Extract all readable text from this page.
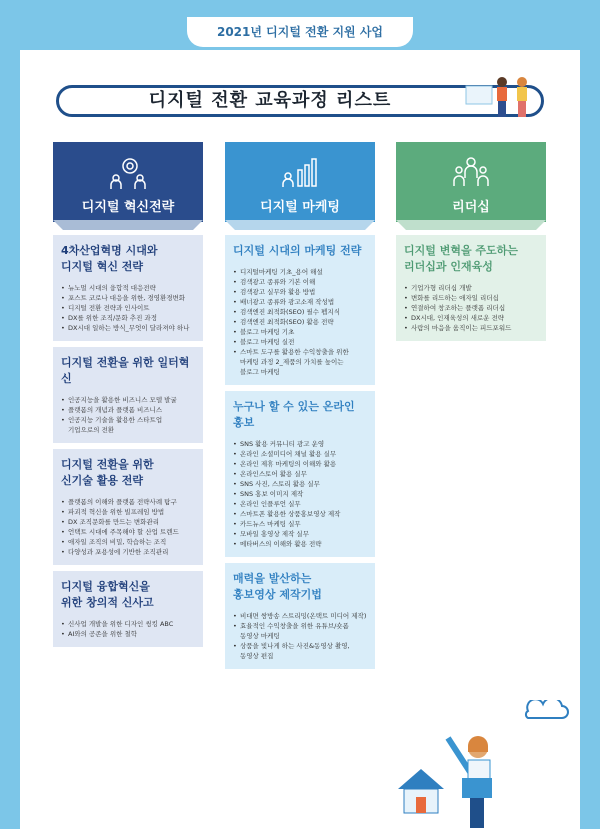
2021년 디지털 전환 지원 사업
디지털 전환 교육과정 리스트
디지털 혁신전략	디지털 마케팅	리더십
4차산업혁명 시대와
디지털 혁신 전략
• 뉴노멀 시대의 융합적 대응전략
• 포스트 코로나 대응을 위한, 경영환경변화
• 디지털 전환 전략과 인사이트
• DX를 위한 조직/문화 추진 과정
• DX시대 일하는 방식_무엇이 달라져야 하나
디지털 전환을 위한 일터혁신
• 인공지능을 활용한 비즈니스 모델 발굴
• 플랫폼의 개념과 플랫폼 비즈니스
• 인공지능 기술을 활용한 스타트업
기업으로의 전환
디지털 전환을 위한
신기술 활용 전략
• 플랫폼의 이해와 플랫폼 전략사례 탐구
• 파괴적 혁신을 위한 빌프레임 방법
• DX 조직문화를 만드는 변화관리
• 언택트 시대에 주목해야 할 산업 트렌드
• 애자일 조직의 비밀, 학습하는 조직
• 다양성과 포용성에 기반한 조직관리
디지털 융합혁신을
위한 창의적 신사고
• 신사업 개발을 위한 디자인 씽킹 ABC
• AI와의 공존을 위한 철학
디지털 시대의 마케팅 전략
• 디지털마케팅 기초_용어 해설
• 검색광고 종류와 기본 이해
• 검색광고 실무와 활용 방법
• 배너광고 종류와 광고소재 작성법
• 검색엔진 최적화(SEO) 필수 펩지식
• 검색엔진 최적화(SEO) 활용 전략
• 블로그 마케팅 기초
• 블로그 마케팅 실전
• 스마트 도구를 활용한 수익창출을 위한
마케팅 과정 2_제품의 가치를 높이는
블로그 마케팅
누구나 할 수 있는 온라인 홍보
• SNS 활용 커뮤니티 광고 운영
• 온라인 소셜미디어 채널 활용 실무
• 온라인 제휴 마케팅의 이해와 활용
• 온라인스토어 활용 실무
• SNS 사진, 스토리 활용 실무
• SNS 홍보 이미지 제작
• 온라인 인플루언 실무
• 스마트폰 활용한 상품홍보영상 제작
• 카드뉴스 마케팅 실무
• 모바일 홍영상 제작 실무
• 메타버스의 이해와 활용 전략
매력을 발산하는
홍보영상 제작기법
• 비대면 쌍방송 스트리밍(온택트 미디어 제작)
• 효율적인 수익창출을 위한 유튜브/숏폼
동영상 마케팅
• 상품을 빛나게 하는 사진&동영상 촬영,
동영상 편집
디지털 변혁을 주도하는
리더십과 인재육성
• 기업가형 리더십 개발
• 변화를 리드하는 애자일 리더십
• 연결하여 창조하는 플랫폼 리더십
• DX시대, 인재육성의 새로운 전략
• 사람의 마음을 움직이는 피드포워드
